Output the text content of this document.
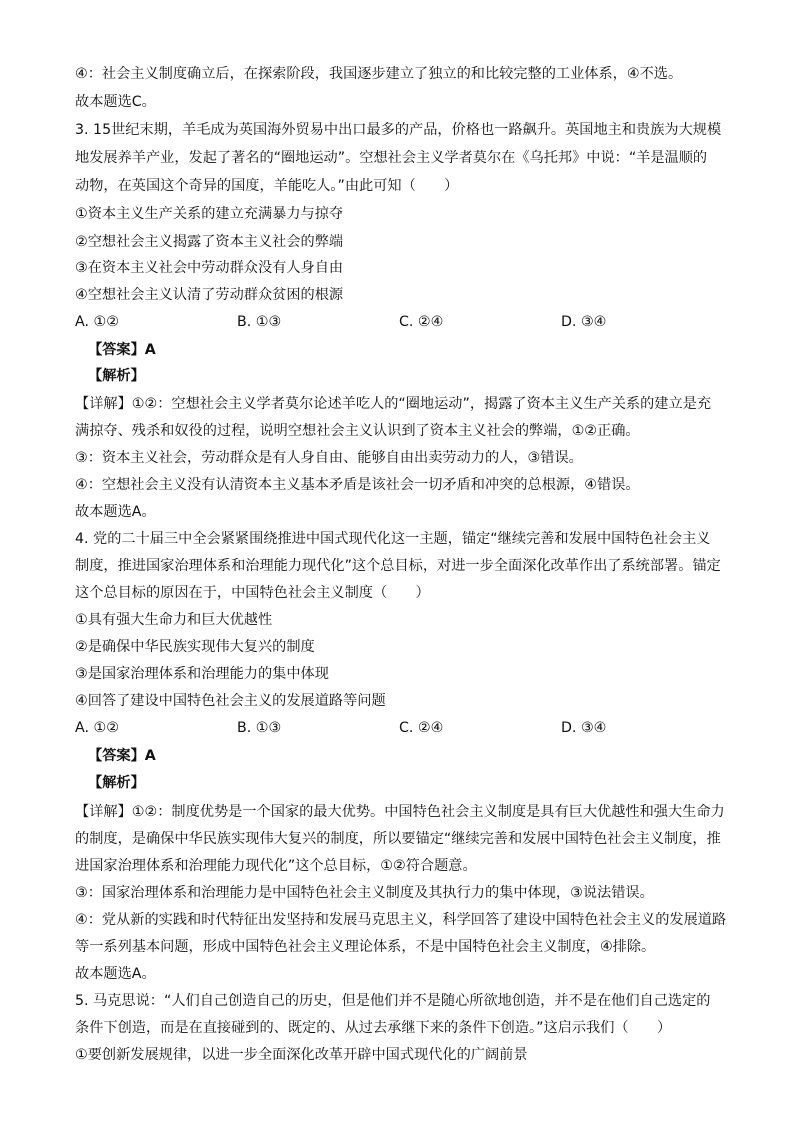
④：社会主义制度确立后，在探索阶段，我国逐步建立了独立的和比较完整的工业体系，④不选。
故本题选C。
3. 15世纪末期，羊毛成为英国海外贸易中出口最多的产品，价格也一路飙升。英国地主和贵族为大规模
地发展养羊产业，发起了著名的“圈地运动”。空想社会主义学者莫尔在《乌托邦》中说：“羊是温顺的
动物，在英国这个奇异的国度，羊能吃人。”由此可知（　　）
①资本主义生产关系的建立充满暴力与掠夺
②空想社会主义揭露了资本主义社会的弊端
③在资本主义社会中劳动群众没有人身自由
④空想社会主义认清了劳动群众贫困的根源
A. ①②	B. ①③	C. ②④	D. ③④
【答案】A
【解析】
【详解】①②：空想社会主义学者莫尔论述羊吃人的“圈地运动”，揭露了资本主义生产关系的建立是充
满掠夺、残杀和奴役的过程，说明空想社会主义认识到了资本主义社会的弊端，①②正确。
③：资本主义社会，劳动群众是有人身自由、能够自由出卖劳动力的人，③错误。
④：空想社会主义没有认清资本主义基本矛盾是该社会一切矛盾和冲突的总根源，④错误。
故本题选A。
4. 党的二十届三中全会紧紧围绕推进中国式现代化这一主题，锚定“继续完善和发展中国特色社会主义
制度，推进国家治理体系和治理能力现代化”这个总目标，对进一步全面深化改革作出了系统部署。锚定
这个总目标的原因在于，中国特色社会主义制度（　　）
①具有强大生命力和巨大优越性
②是确保中华民族实现伟大复兴的制度
③是国家治理体系和治理能力的集中体现
④回答了建设中国特色社会主义的发展道路等问题
A. ①②	B. ①③	C. ②④	D. ③④
【答案】A
【解析】
【详解】①②：制度优势是一个国家的最大优势。中国特色社会主义制度是具有巨大优越性和强大生命力
的制度，是确保中华民族实现伟大复兴的制度，所以要锚定“继续完善和发展中国特色社会主义制度，推
进国家治理体系和治理能力现代化”这个总目标，①②符合题意。
③：国家治理体系和治理能力是中国特色社会主义制度及其执行力的集中体现，③说法错误。
④：党从新的实践和时代特征出发坚持和发展马克思主义，科学回答了建设中国特色社会主义的发展道路
等一系列基本问题，形成中国特色社会主义理论体系，不是中国特色社会主义制度，④排除。
故本题选A。
5. 马克思说：“人们自己创造自己的历史，但是他们并不是随心所欲地创造，并不是在他们自己选定的
条件下创造，而是在直接碰到的、既定的、从过去承继下来的条件下创造。”这启示我们（　　）
①要创新发展规律，以进一步全面深化改革开辟中国式现代化的广阔前景
